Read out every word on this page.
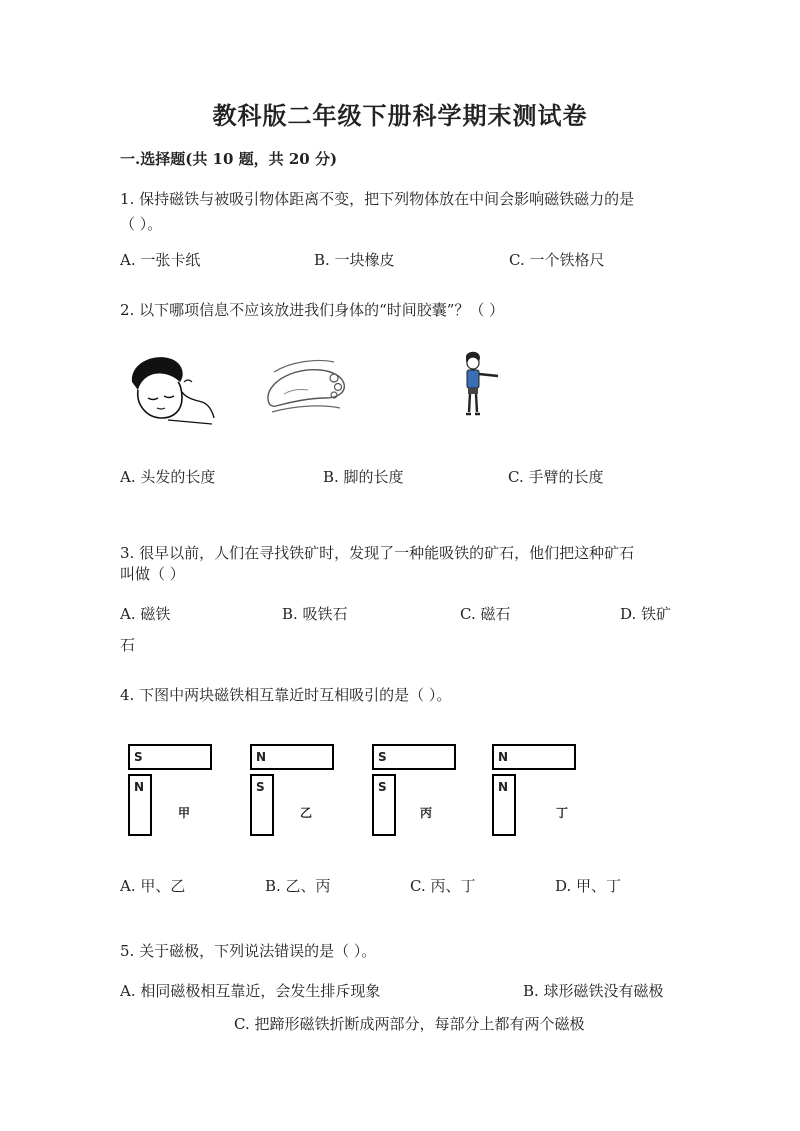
教科版二年级下册科学期末测试卷
一.选择题(共 10 题，共 20 分)
1. 保持磁铁与被吸引物体距离不变，把下列物体放在中间会影响磁铁磁力的是
（ ）。
A. 一张卡纸	B. 一块橡皮	C. 一个铁格尺
2. 以下哪项信息不应该放进我们身体的“时间胶囊”？（ ）
A. 头发的长度	B. 脚的长度	C. 手臂的长度
3. 很早以前，人们在寻找铁矿时，发现了一种能吸铁的矿石，他们把这种矿石
叫做（ ）
A. 磁铁	B. 吸铁石	C. 磁石	D. 铁矿
石
4. 下图中两块磁铁相互靠近时互相吸引的是（ ）。
S
N
甲
N
S
乙
S
S
丙
N
N
丁
A. 甲、乙	B. 乙、丙	C. 丙、丁	D. 甲、丁
5. 关于磁极，下列说法错误的是（ ）。
A. 相同磁极相互靠近，会发生排斥现象	B. 球形磁铁没有磁极
C. 把蹄形磁铁折断成两部分，每部分上都有两个磁极
